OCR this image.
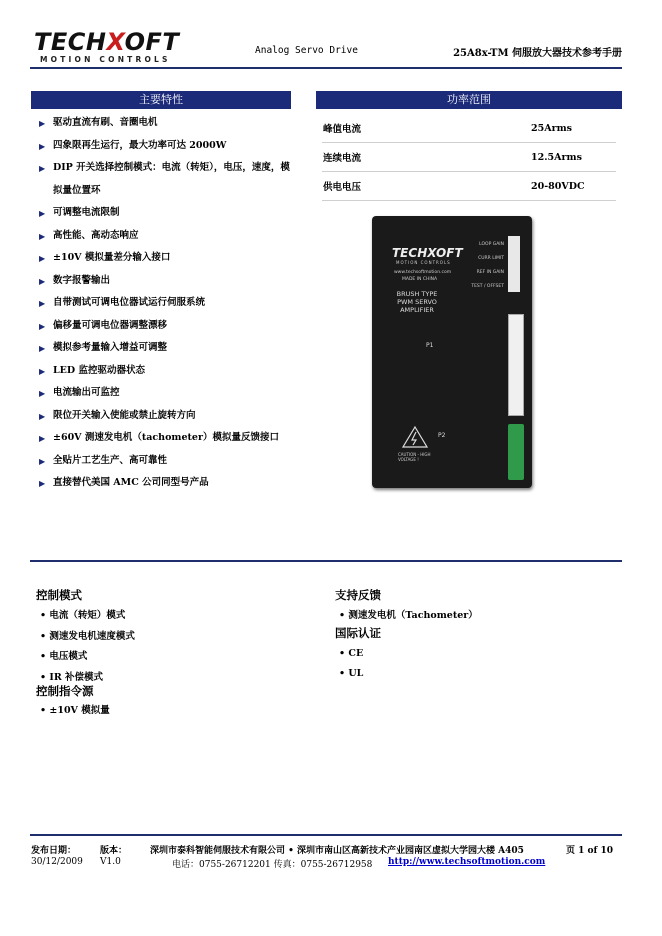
TECHXOFT
MOTION CONTROLS
Analog Servo Drive	25A8x-TM 伺服放大器技术参考手册
主要特性
▶ 驱动直流有刷、音圈电机
▶ 四象限再生运行，最大功率可达 2000W
▶ DIP 开关选择控制模式：电流（转矩），电压，速度，模
拟量位置环
▶ 可调整电流限制
▶ 高性能、高动态响应
▶ ±10V 模拟量差分输入接口
▶ 数字报警输出
▶ 自带测试可调电位器试运行伺服系统
▶ 偏移量可调电位器调整漂移
▶ 模拟参考量输入增益可调整
▶ LED 监控驱动器状态
▶ 电流输出可监控
▶ 限位开关输入使能或禁止旋转方向
▶ ±60V 测速发电机（tachometer）模拟量反馈接口
▶ 全贴片工艺生产、高可靠性
▶ 直接替代美国 AMC 公司同型号产品
功率范围
峰值电流	25Arms
连续电流	12.5Arms
供电电压	20-80VDC
TECHXOFT
MOTION CONTROLS
www.techsoftmotion.com
MADE IN CHINA
BRUSH TYPE
PWM SERVO
AMPLIFIER
LOOP GAIN
CURR LIMIT
REF IN GAIN
TEST / OFFSET
P1
P2
CAUTION - HIGH VOLTAGE !
控制模式
• 电流（转矩）模式
• 测速发电机速度模式
• 电压模式
• IR 补偿模式
控制指令源
• ±10V 模拟量
支持反馈
• 测速发电机（Tachometer）
国际认证
• CE
• UL
发布日期：
30/12/2009
版本：
V1.0
深圳市泰科智能伺服技术有限公司 • 深圳市南山区高新技术产业园南区虚拟大学园大楼 A405	页 1 of 10
电话：0755-26712201 传真：0755-26712958 http://www.techsoftmotion.com
